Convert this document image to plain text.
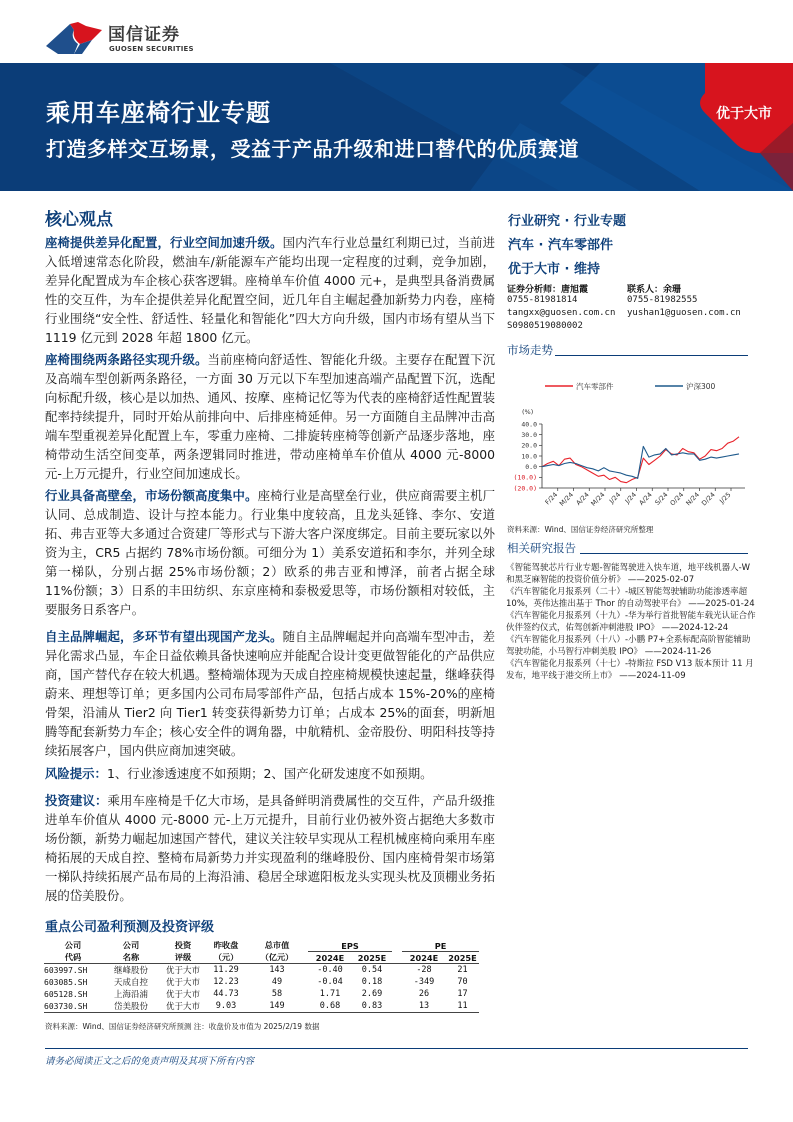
国信证券
GUOSEN SECURITIES
乘用车座椅行业专题
打造多样交互场景，受益于产品升级和进口替代的优质赛道
优于大市
核心观点
座椅提供差异化配置，行业空间加速升级。国内汽车行业总量红利期已过，当前进入低增速常态化阶段，燃油车/新能源车产能均出现一定程度的过剩，竞争加剧，差异化配置成为车企核心获客逻辑。座椅单车价值 4000 元+，是典型具备消费属性的交互件，为车企提供差异化配置空间，近几年自主崛起叠加新势力内卷，座椅行业围绕“安全性、舒适性、轻量化和智能化”四大方向升级，国内市场有望从当下 1119 亿元到 2028 年超 1800 亿元。
座椅围绕两条路径实现升级。当前座椅向舒适性、智能化升级。主要存在配置下沉及高端车型创新两条路径，一方面 30 万元以下车型加速高端产品配置下沉，选配向标配升级，核心是以加热、通风、按摩、座椅记忆等为代表的座椅舒适性配置装配率持续提升，同时开始从前排向中、后排座椅延伸。另一方面随自主品牌冲击高端车型重视差异化配置上车，零重力座椅、二排旋转座椅等创新产品逐步落地，座椅带动生活空间变革，两条逻辑同时推进，带动座椅单车价值从 4000 元-8000 元-上万元提升，行业空间加速成长。
行业具备高壁垒，市场份额高度集中。座椅行业是高壁垒行业，供应商需要主机厂认同、总成制造、设计与控本能力。行业集中度较高，且龙头延锋、李尔、安道拓、弗吉亚等大多通过合资建厂等形式与下游大客户深度绑定。目前主要玩家以外资为主，CR5 占据约 78%市场份额。可细分为 1）美系安道拓和李尔，并列全球第一梯队，分别占据 25%市场份额；2）欧系的弗吉亚和博泽，前者占据全球 11%份额；3）日系的丰田纺织、东京座椅和泰极爱思等，市场份额相对较低，主要服务日系客户。
自主品牌崛起，多环节有望出现国产龙头。随自主品牌崛起并向高端车型冲击，差异化需求凸显，车企日益依赖具备快速响应并能配合设计变更做智能化的产品供应商，国产替代存在较大机遇。整椅端体现为天成自控座椅规模快速起量，继峰获得蔚来、理想等订单；更多国内公司布局零部件产品，包括占成本 15%-20%的座椅骨架，沿浦从 Tier2 向 Tier1 转变获得新势力订单；占成本 25%的面套，明新旭腾等配套新势力车企；核心安全件的调角器，中航精机、金帝股份、明阳科技等持续拓展客户，国内供应商加速突破。
风险提示：1、行业渗透速度不如预期；2、国产化研发速度不如预期。
投资建议：乘用车座椅是千亿大市场，是具备鲜明消费属性的交互件，产品升级推进单车价值从 4000 元-8000 元-上万元提升，目前行业仍被外资占据绝大多数市场份额，新势力崛起加速国产替代，建议关注较早实现从工程机械座椅向乘用车座椅拓展的天成自控、整椅布局新势力并实现盈利的继峰股份、国内座椅骨架市场第一梯队持续拓展产品布局的上海沿浦、稳居全球遮阳板龙头实现头枕及顶棚业务拓展的岱美股份。
重点公司盈利预测及投资评级
公司	公司	投资	昨收盘	总市值	EPS			PE	
代码	名称	评级	（元）	（亿元）	2024E	2025E		2024E	2025E
603997.SH	继峰股份	优于大市	11.29	143	-0.40	0.54		-28	21
603085.SH	天成自控	优于大市	12.23	49	-0.04	0.18		-349	70
605128.SH	上海沿浦	优于大市	44.73	58	1.71	2.69		26	17
603730.SH	岱美股份	优于大市	9.03	149	0.68	0.83		13	11
资料来源：Wind、国信证券经济研究所预测 注：收盘价及市值为 2025/2/19 数据
行业研究 · 行业专题
汽车 · 汽车零部件
优于大市 · 维持
证券分析师：唐旭霞
0755-81981814
tangxx@guosen.com.cn
S0980519080002
联系人：余珊
0755-81982555
yushan1@guosen.com.cn
市场走势
汽车零部件	沪深300
(%)
40.0
30.0
20.0
10.0
0.0
(10.0)
(20.0)
F/24
M/24 A/24
M/24 J/24 J/24 A/24 S/24 O/24 N/24 D/24 J/25
资料来源：Wind、国信证券经济研究所整理
相关研究报告
《智能驾驶芯片行业专题-智能驾驶进入快车道，地平线机器人-W和黑芝麻智能的投资价值分析》 ——2025-02-07
《汽车智能化月报系列（二十）-城区智能驾驶辅助功能渗透率超 10%，英伟达推出基于 Thor 的自动驾驶平台》 ——2025-01-24
《汽车智能化月报系列（十九）-华为举行首批智能车载光认证合作伙伴签约仪式，佑驾创新冲刺港股 IPO》 ——2024-12-24
《汽车智能化月报系列（十八）-小鹏 P7+全系标配高阶智能辅助驾驶功能，小马智行冲刺美股 IPO》 ——2024-11-26
《汽车智能化月报系列（十七）-特斯拉 FSD V13 版本预计 11 月发布，地平线于港交所上市》 ——2024-11-09
请务必阅读正文之后的免责声明及其项下所有内容
